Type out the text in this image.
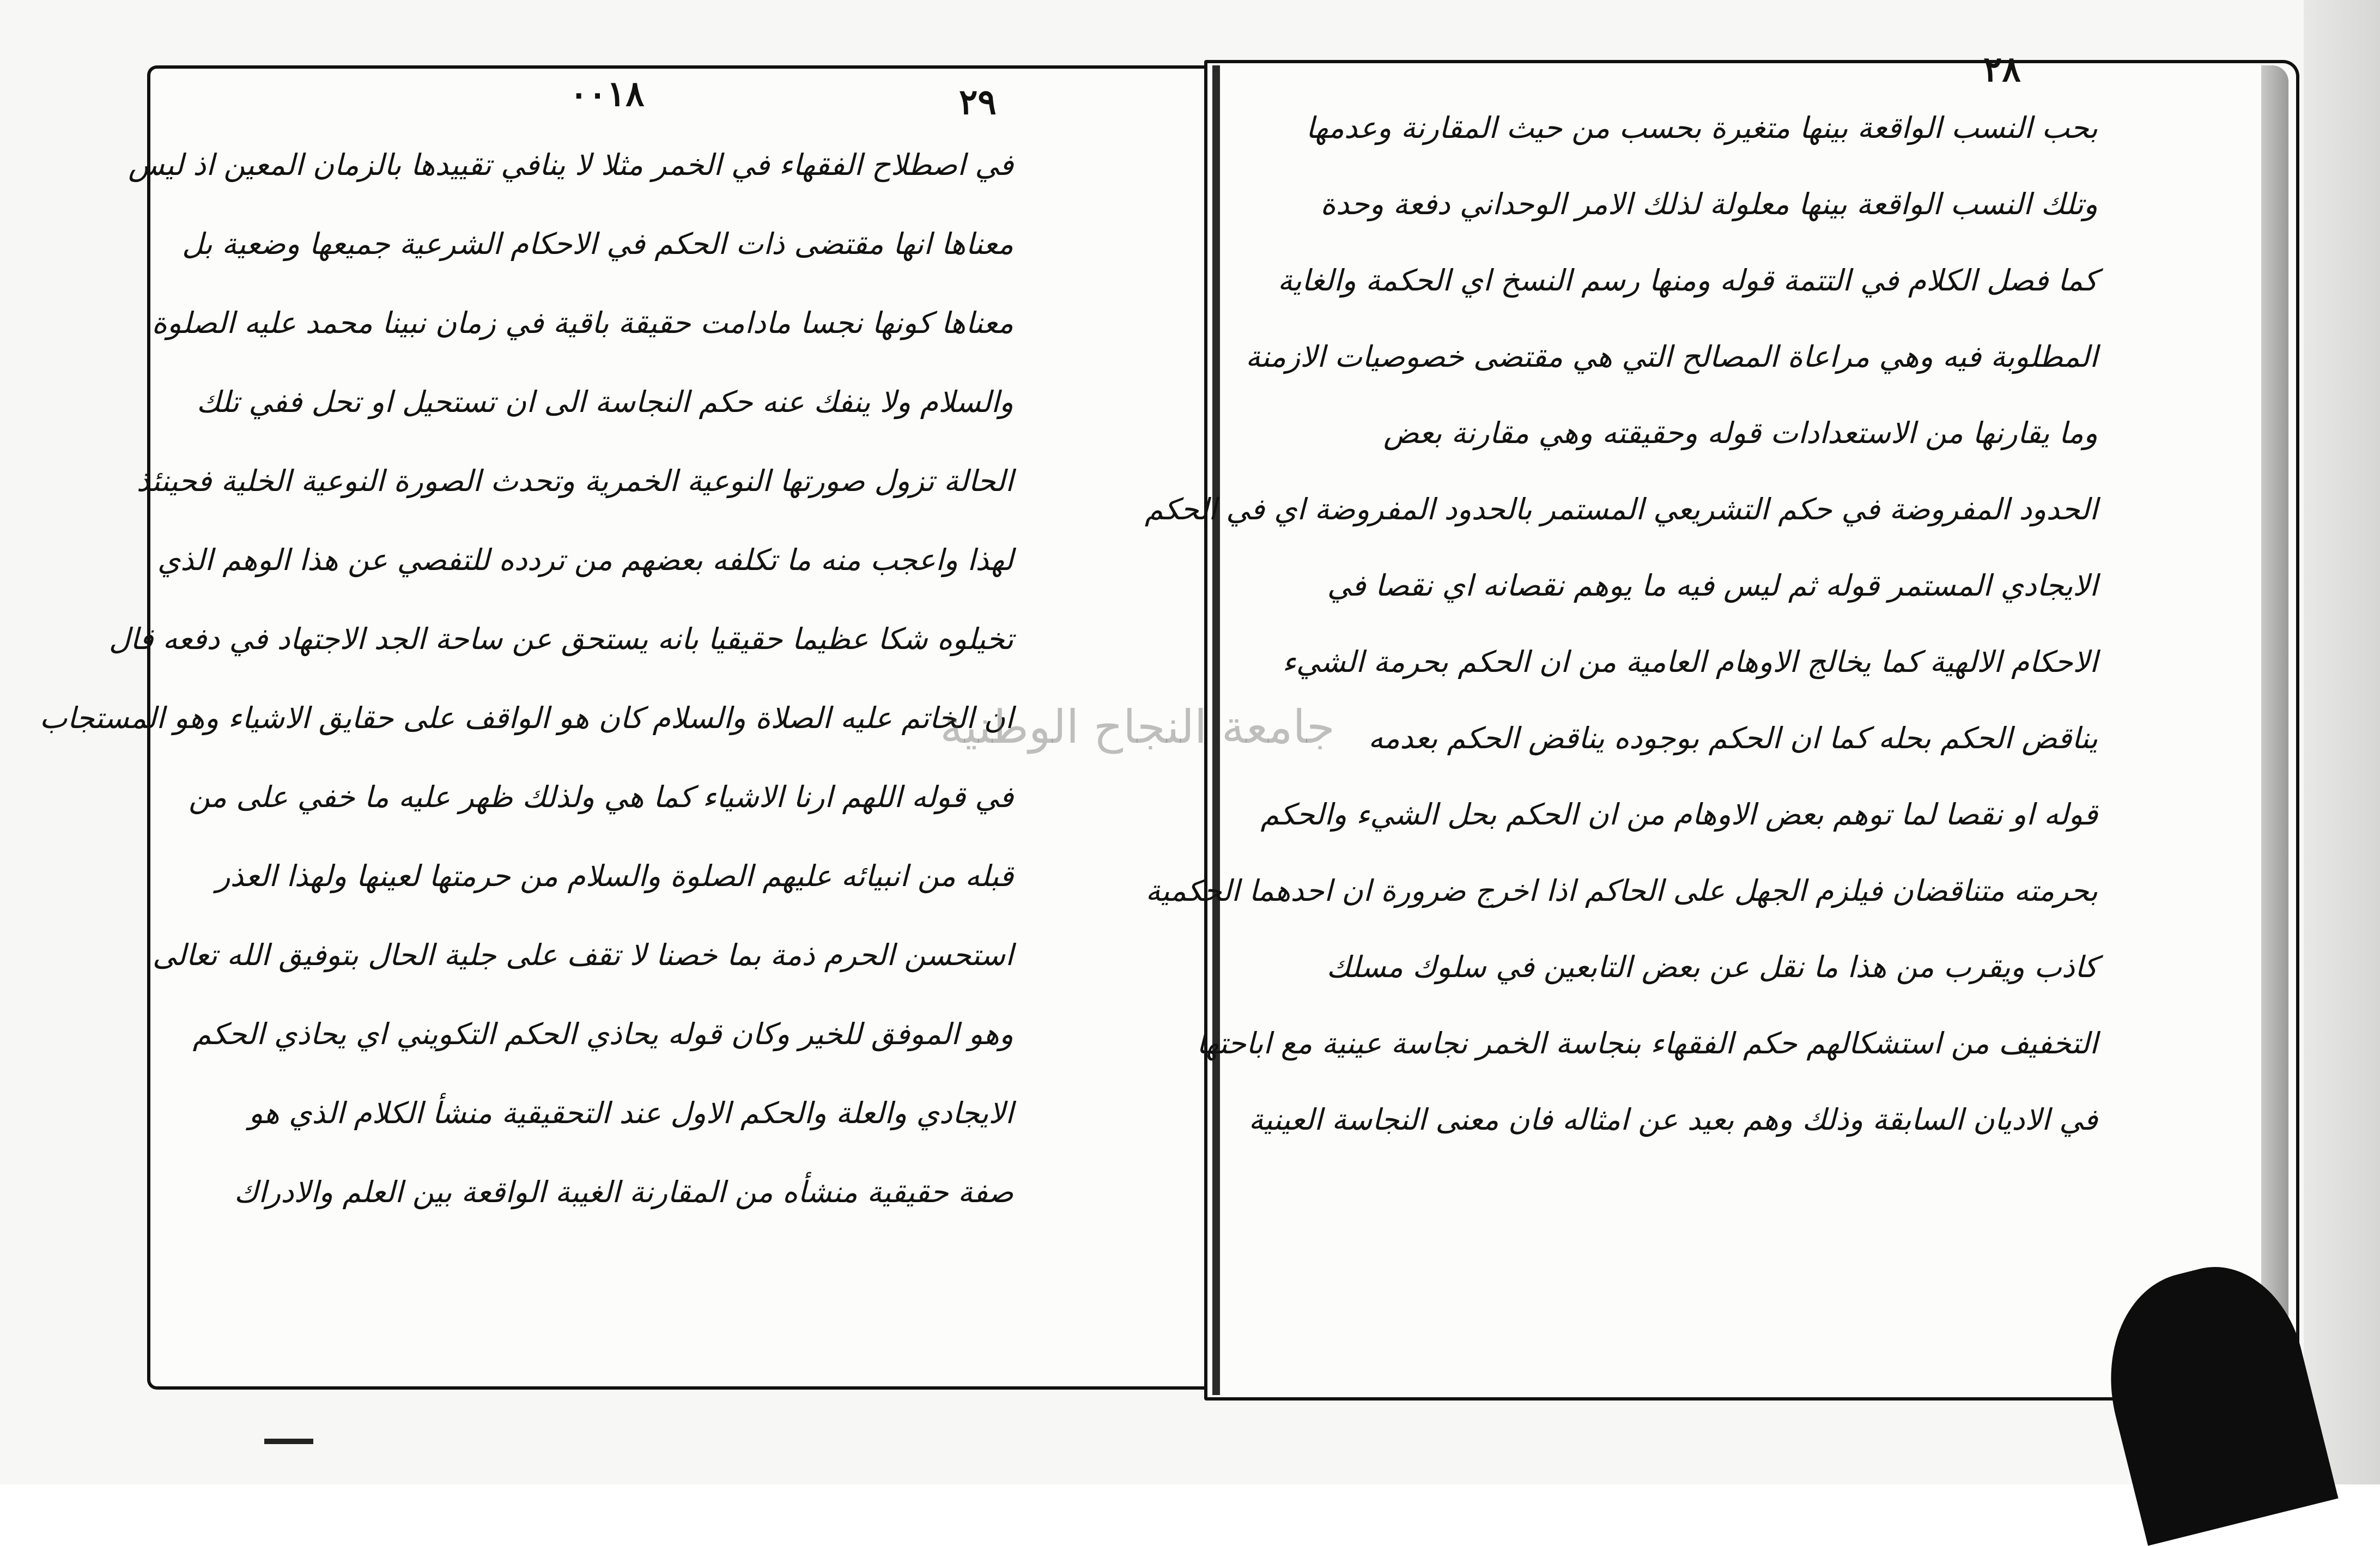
٠٠١٨	٢٩
٢٨
في اصطلاح الفقهاء في الخمر مثلا لا ينافي تقييدها بالزمان المعين اذ ليس
معناها انها مقتضى ذات الحكم في الاحكام الشرعية جميعها وضعية بل
معناها كونها نجسا مادامت حقيقة باقية في زمان نبينا محمد عليه الصلوة
والسلام ولا ينفك عنه حكم النجاسة الى ان تستحيل او تحل ففي تلك
الحالة تزول صورتها النوعية الخمرية وتحدث الصورة النوعية الخلية فحينئذ
لهذا واعجب منه ما تكلفه بعضهم من تردده للتفصي عن هذا الوهم الذي
تخيلوه شكا عظيما حقيقيا بانه يستحق عن ساحة الجد الاجتهاد في دفعه قال
ان الخاتم عليه الصلاة والسلام كان هو الواقف على حقايق الاشياء وهو المستجاب
في قوله اللهم ارنا الاشياء كما هي ولذلك ظهر عليه ما خفي على من
قبله من انبيائه عليهم الصلوة والسلام من حرمتها لعينها ولهذا العذر
استحسن الحرم ذمة بما خصنا لا تقف على جلية الحال بتوفيق الله تعالى
وهو الموفق للخير وكان قوله يحاذي الحكم التكويني اي يحاذي الحكم
الايجادي والعلة والحكم الاول عند التحقيقية منشأ الكلام الذي هو
صفة حقيقية منشأه من المقارنة الغيبة الواقعة بين العلم والادراك
بحب النسب الواقعة بينها متغيرة بحسب من حيث المقارنة وعدمها
وتلك النسب الواقعة بينها معلولة لذلك الامر الوحداني دفعة وحدة
كما فصل الكلام في التتمة قوله ومنها رسم النسخ اي الحكمة والغاية
المطلوبة فيه وهي مراعاة المصالح التي هي مقتضى خصوصيات الازمنة
وما يقارنها من الاستعدادات قوله وحقيقته وهي مقارنة بعض
الحدود المفروضة في حكم التشريعي المستمر بالحدود المفروضة اي في الحكم
الايجادي المستمر قوله ثم ليس فيه ما يوهم نقصانه اي نقصا في
الاحكام الالهية كما يخالج الاوهام العامية من ان الحكم بحرمة الشيء
يناقض الحكم بحله كما ان الحكم بوجوده يناقض الحكم بعدمه
قوله او نقصا لما توهم بعض الاوهام من ان الحكم بحل الشيء والحكم
بحرمته متناقضان فيلزم الجهل على الحاكم اذا اخرج ضرورة ان احدهما الحكمية
كاذب ويقرب من هذا ما نقل عن بعض التابعين في سلوك مسلك
التخفيف من استشكالهم حكم الفقهاء بنجاسة الخمر نجاسة عينية مع اباحتها
في الاديان السابقة وذلك وهم بعيد عن امثاله فان معنى النجاسة العينية
جامعة النجاح الوطنية
